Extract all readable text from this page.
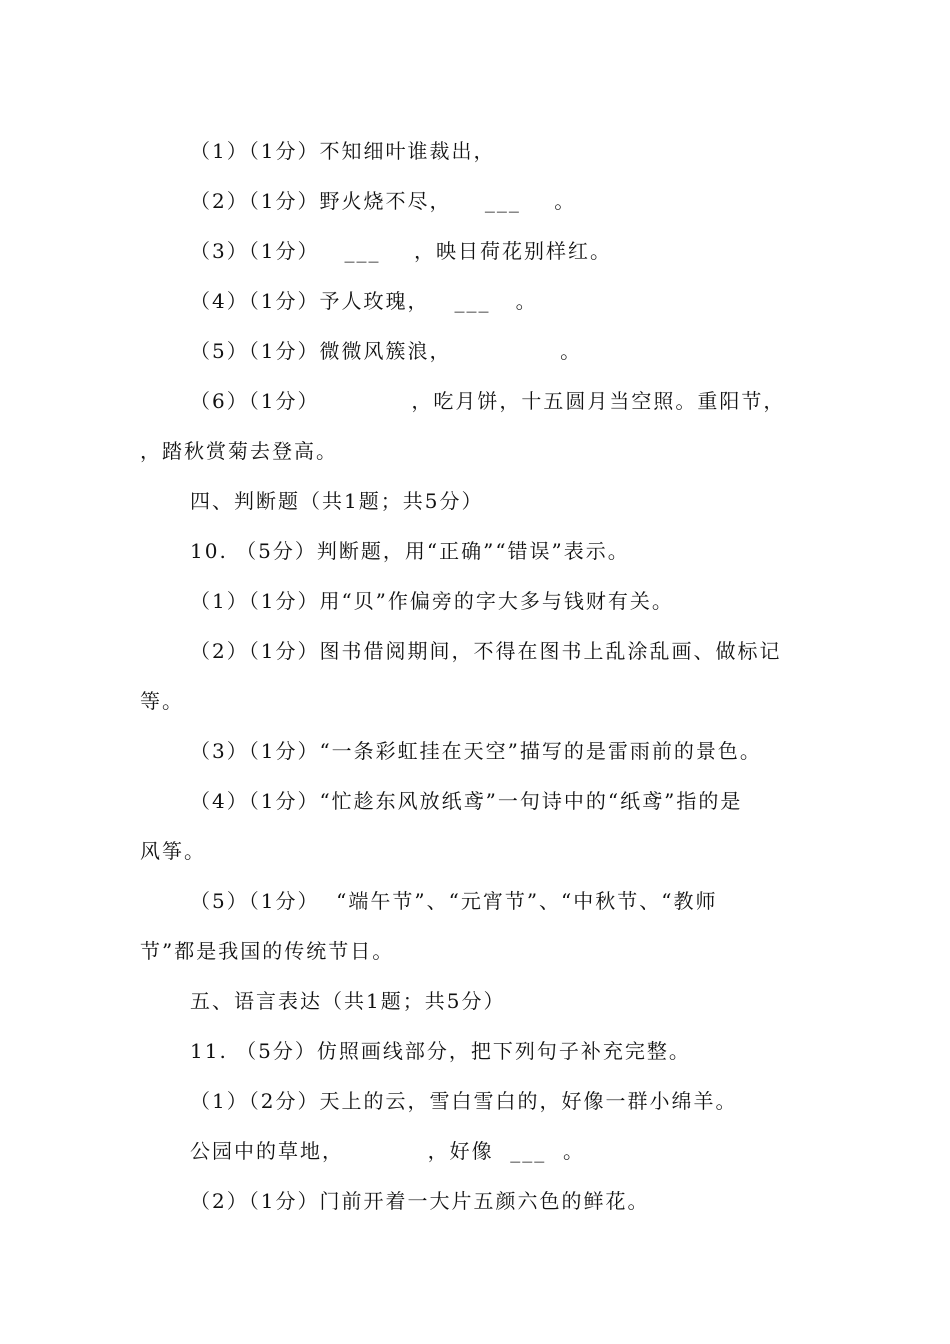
（1）（1分）不知细叶谁裁出，
（2）（1分）野火烧不尽，    ___    。
（3）（1分）   ___    ，映日荷花别样红。
（4）（1分）予人玫瑰，   ___   。
（5）（1分）微微风簇浪，             。
（6）（1分）           ，吃月饼，十五圆月当空照。重阳节，
，踏秋赏菊去登高。
四、判断题（共1题；共5分）
10. （5分）判断题，用“正确”“错误”表示。
（1）（1分）用“贝”作偏旁的字大多与钱财有关。
（2）（1分）图书借阅期间，不得在图书上乱涂乱画、做标记
等。
（3）（1分）“一条彩虹挂在天空”描写的是雷雨前的景色。
（4）（1分）“忙趁东风放纸鸢”一句诗中的“纸鸢”指的是
风筝。
（5）（1分）  “端午节”、“元宵节”、“中秋节、“教师
节”都是我国的传统节日。
五、语言表达（共1题；共5分）
11. （5分）仿照画线部分，把下列句子补充完整。
（1）（2分）天上的云，雪白雪白的，好像一群小绵羊。
公园中的草地，          ，好像  ___  。
（2）（1分）门前开着一大片五颜六色的鲜花。
